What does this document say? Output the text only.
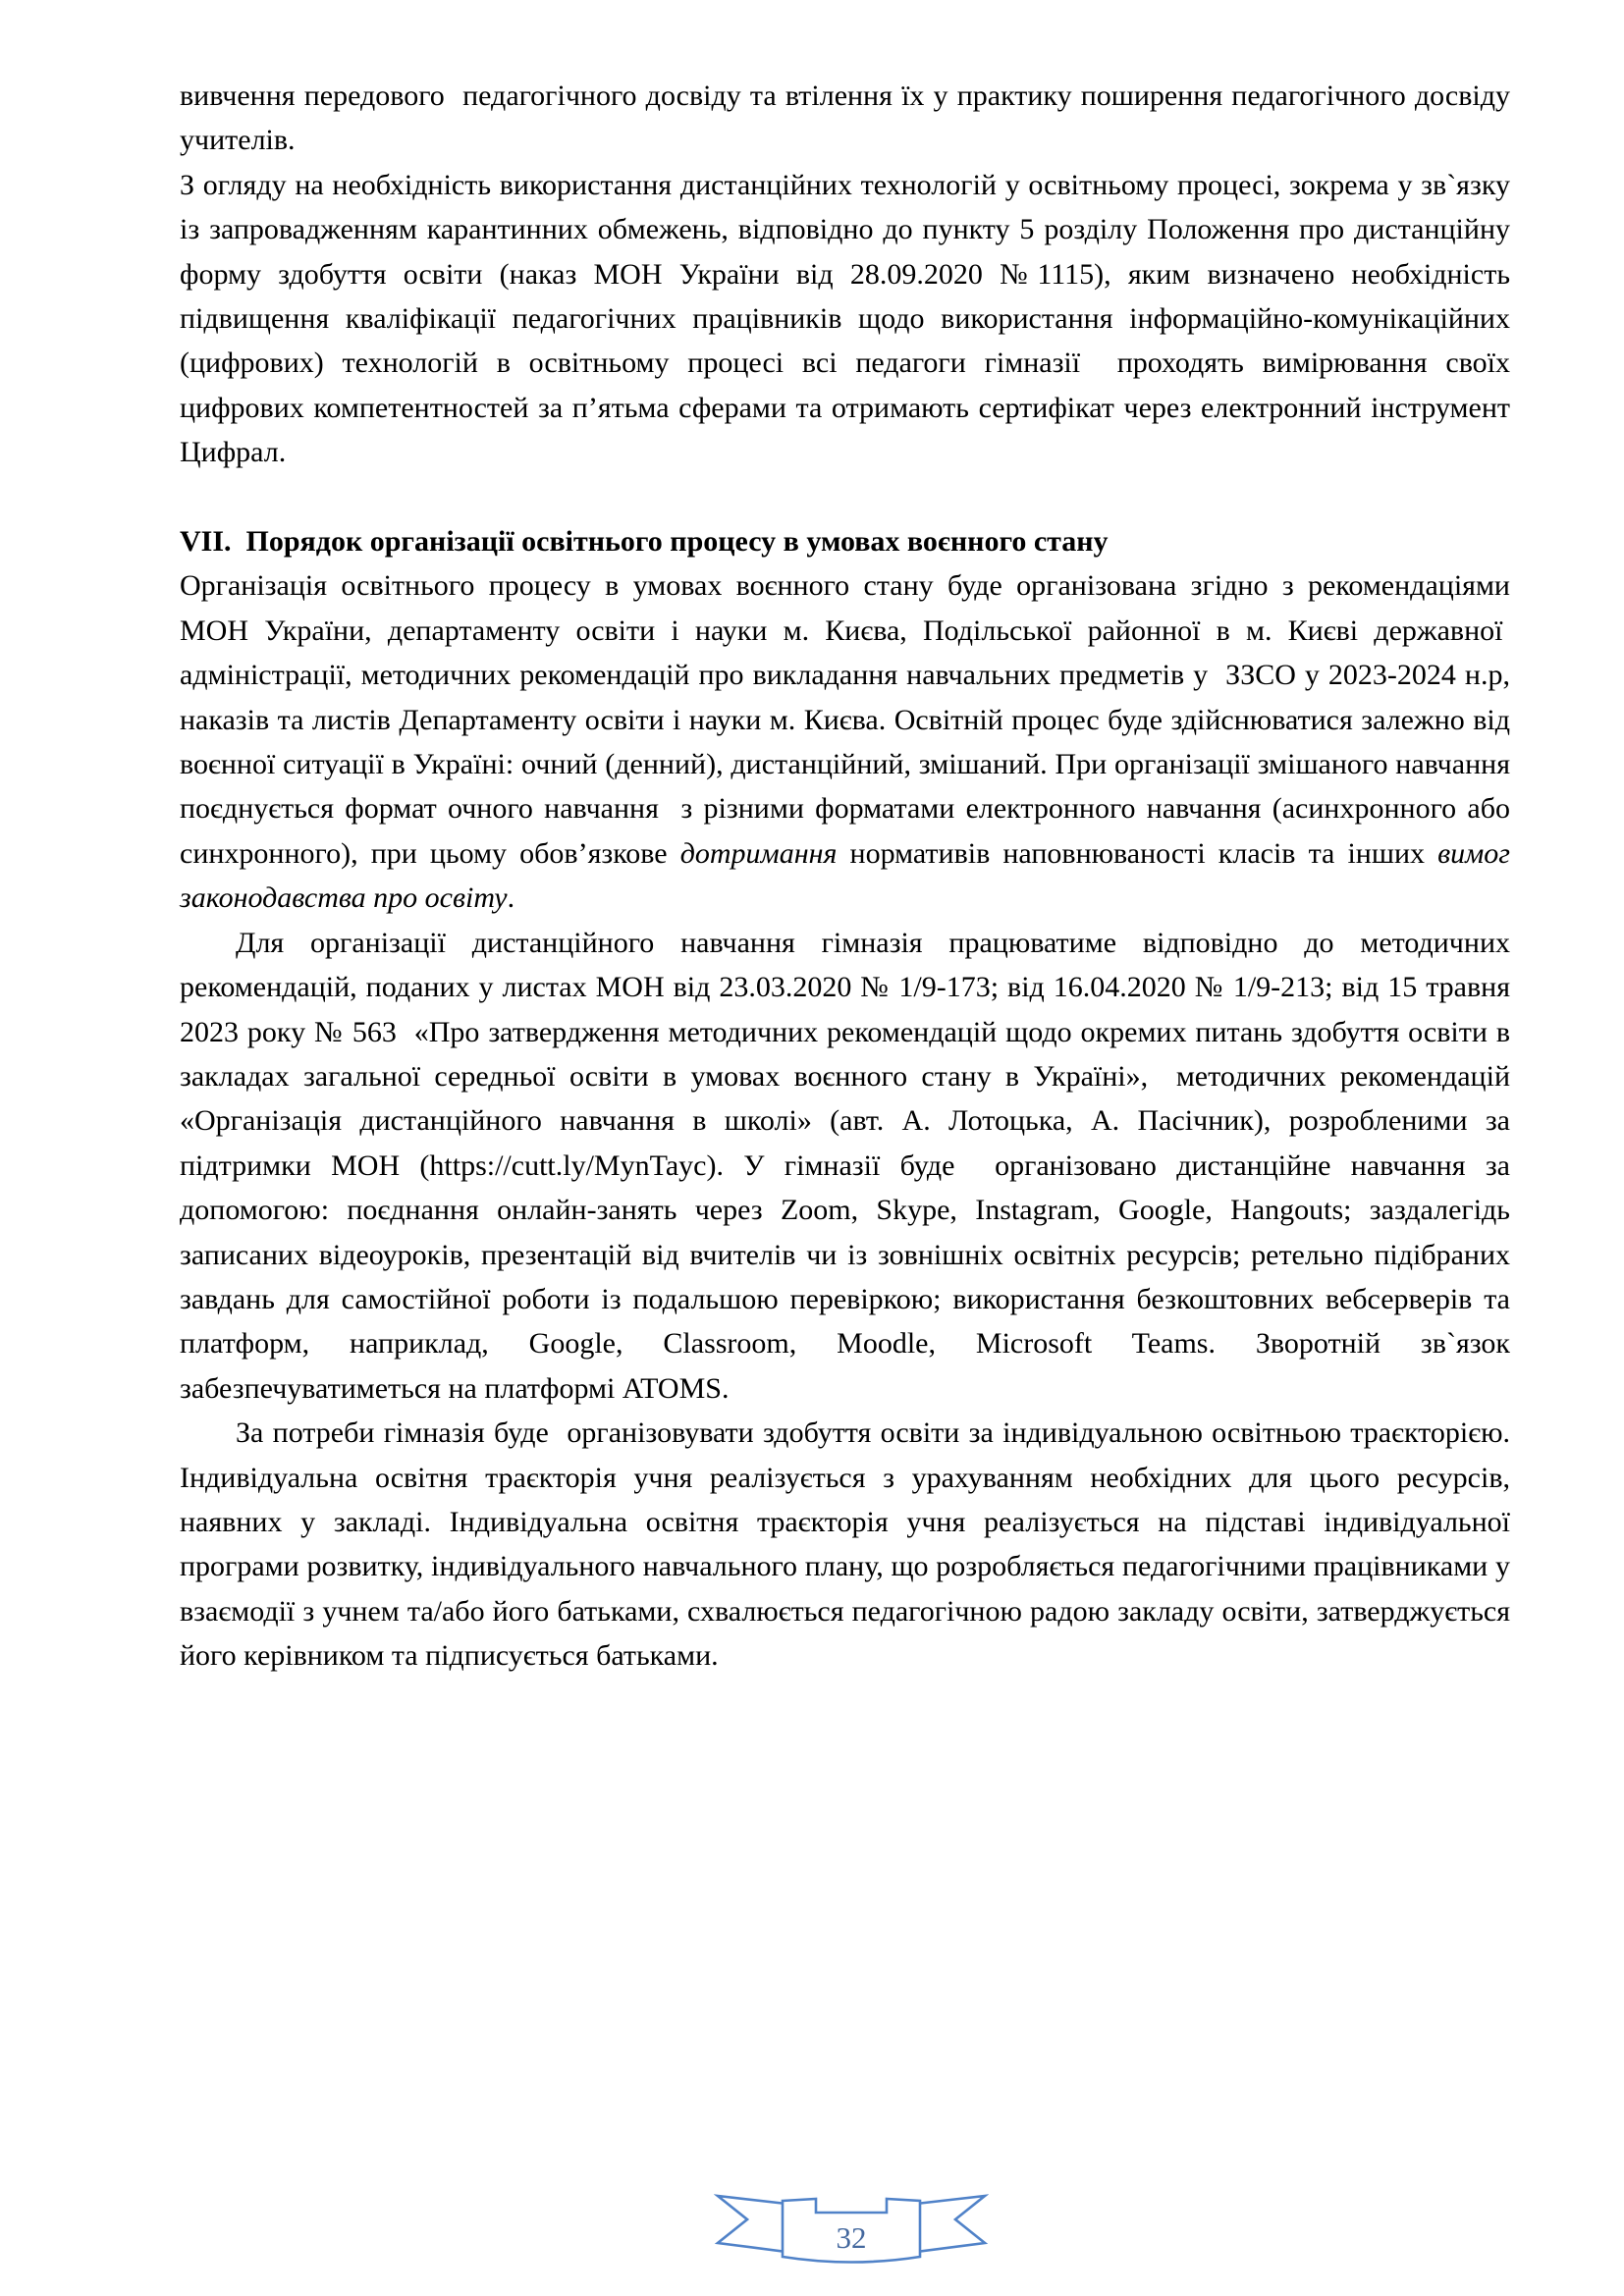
вивчення передового  педагогічного досвіду та втілення їх у практику поширення педагогічного досвіду учителів.

З огляду на необхідність використання дистанційних технологій у освітньому процесі, зокрема у зв`язку із запровадженням карантинних обмежень, відповідно до пункту 5 розділу Положення про дистанційну форму здобуття освіти (наказ МОН України від 28.09.2020 №1115), яким визначено необхідність підвищення кваліфікації педагогічних працівників щодо використання інформаційно-комунікаційних (цифрових) технологій в освітньому процесі всі педагоги гімназії  проходять вимірювання своїх цифрових компетентностей за п’ятьма сферами та отримають сертифікат через електронний інструмент Цифрал.

VII.  Порядок організації освітнього процесу в умовах воєнного стану

Організація освітнього процесу в умовах воєнного стану буде організована згідно з рекомендаціями МОН України, департаменту освіти і науки м. Києва, Подільської районної в м. Києві державної  адміністрації, методичних рекомендацій про викладання навчальних предметів у  ЗЗСО у 2023-2024 н.р, наказів та листів Департаменту освіти і науки м. Києва. Освітній процес буде здійснюватися залежно від воєнної ситуації в Україні: очний (денний), дистанційний, змішаний. При організації змішаного навчання поєднується формат очного навчання  з різними форматами електронного навчання (асинхронного або синхронного), при цьому обов’язкове дотримання нормативів наповнюваності класів та інших вимог законодавства про освіту.

Для організації дистанційного навчання гімназія працюватиме відповідно до методичних рекомендацій, поданих у листах МОН від 23.03.2020 № 1/9-173; від 16.04.2020 № 1/9-213; від 15 травня 2023 року № 563  «Про затвердження методичних рекомендацій щодо окремих питань здобуття освіти в закладах загальної середньої освіти в умовах воєнного стану в Україні»,  методичних рекомендацій «Організація дистанційного навчання в школі» (авт. А. Лотоцька, А. Пасічник), розробленими за підтримки МОН (https://cutt.ly/MynTayc). У гімназії буде  організовано дистанційне навчання за допомогою: поєднання онлайн-занять через Zoom, Skype, Instagram, Google, Hangouts; заздалегідь записаних відеоуроків, презентацій від вчителів чи із зовнішніх освітніх ресурсів; ретельно підібраних завдань для самостійної роботи із подальшою перевіркою; використання безкоштовних вебсерверів та платформ, наприклад, Google, Classroom, Moodle, Microsoft Teams. Зворотній зв`язок забезпечуватиметься на платформі ATOMS.

За потреби гімназія буде  організовувати здобуття освіти за індивідуальною освітньою траєкторією. Індивідуальна освітня траєкторія учня реалізується з урахуванням необхідних для цього ресурсів, наявних у закладі. Індивідуальна освітня траєкторія учня реалізується на підставі індивідуальної програми розвитку, індивідуального навчального плану, що розробляється педагогічними працівниками у взаємодії з учнем та/або його батьками, схвалюється педагогічною радою закладу освіти, затверджується його керівником та підписується батьками.

32
